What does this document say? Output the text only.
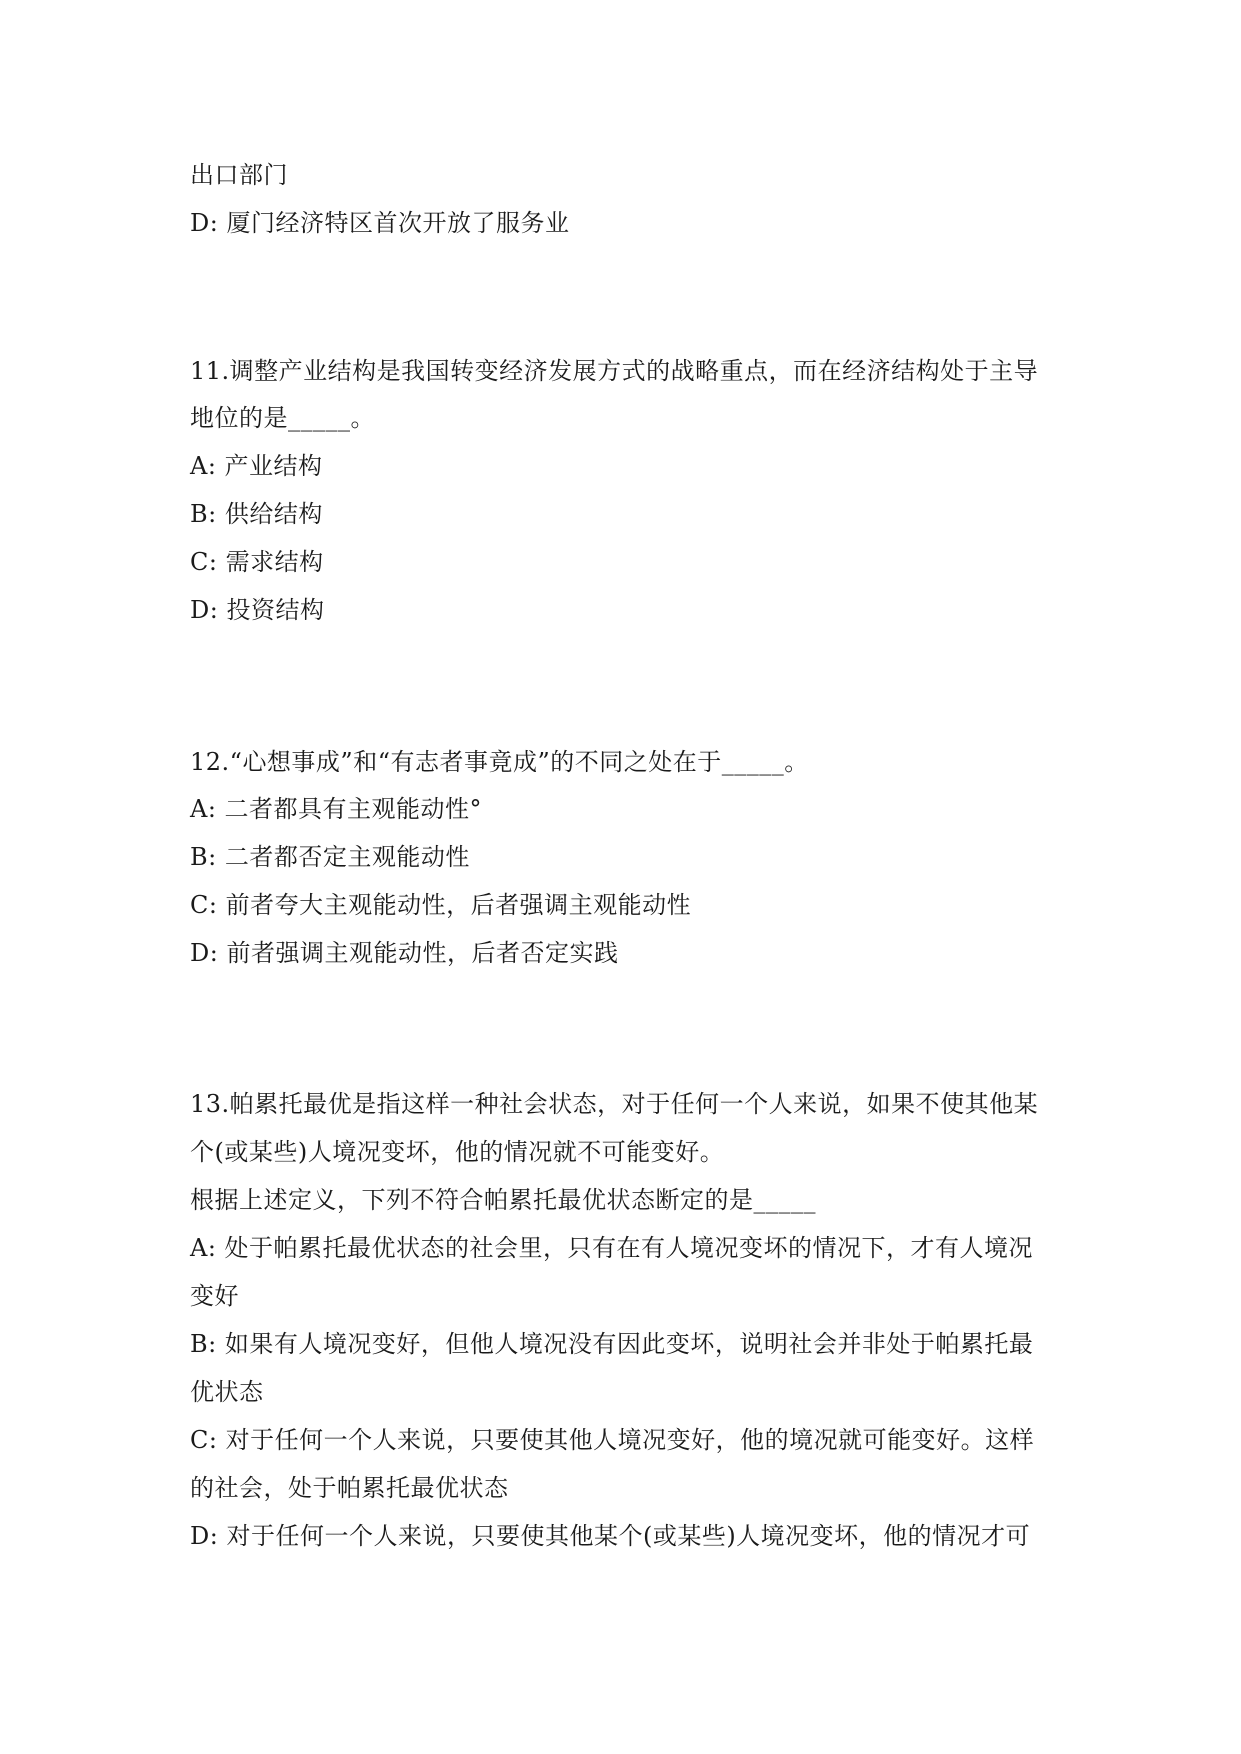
出口部门
D: 厦门经济特区首次开放了服务业
11.调整产业结构是我国转变经济发展方式的战略重点，而在经济结构处于主导
地位的是_____。
A: 产业结构
B: 供给结构
C: 需求结构
D: 投资结构
12.“心想事成”和“有志者事竟成”的不同之处在于_____。
A: 二者都具有主观能动性°
B: 二者都否定主观能动性
C: 前者夸大主观能动性，后者强调主观能动性
D: 前者强调主观能动性，后者否定实践
13.帕累托最优是指这样一种社会状态，对于任何一个人来说，如果不使其他某
个(或某些)人境况变坏，他的情况就不可能变好。
根据上述定义，下列不符合帕累托最优状态断定的是_____
A: 处于帕累托最优状态的社会里，只有在有人境况变坏的情况下，才有人境况
变好
B: 如果有人境况变好，但他人境况没有因此变坏，说明社会并非处于帕累托最
优状态
C: 对于任何一个人来说，只要使其他人境况变好，他的境况就可能变好。这样
的社会，处于帕累托最优状态
D: 对于任何一个人来说，只要使其他某个(或某些)人境况变坏，他的情况才可
